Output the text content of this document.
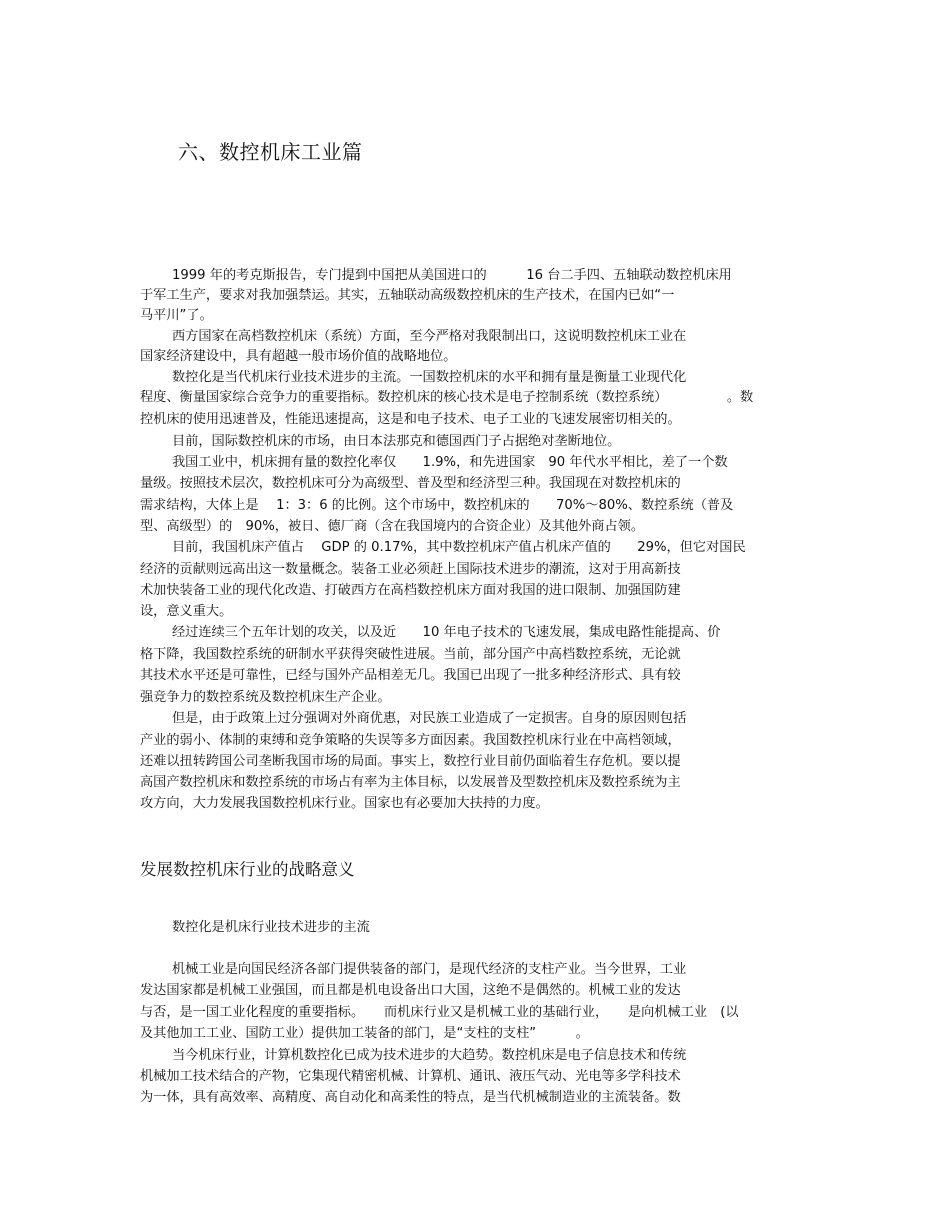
六、数控机床工业篇
1999 年的考克斯报告，专门提到中国把从美国进口的　　　16 台二手四、五轴联动数控机床用
于军工生产，要求对我加强禁运。其实，五轴联动高级数控机床的生产技术，在国内已如“一
马平川”了。
西方国家在高档数控机床（系统）方面，至今严格对我限制出口，这说明数控机床工业在
国家经济建设中，具有超越一般市场价值的战略地位。
数控化是当代机床行业技术进步的主流。一国数控机床的水平和拥有量是衡量工业现代化
程度、衡量国家综合竞争力的重要指标。数控机床的核心技术是电子控制系统（数控系统）　　　　　。数
控机床的使用迅速普及，性能迅速提高，这是和电子技术、电子工业的飞速发展密切相关的。
目前，国际数控机床的市场，由日本法那克和德国西门子占据绝对垄断地位。
我国工业中，机床拥有量的数控化率仅　　1.9%，和先进国家　90 年代水平相比，差了一个数
量级。按照技术层次，数控机床可分为高级型、普及型和经济型三种。我国现在对数控机床的
需求结构，大体上是　 1：3：6 的比例。这个市场中，数控机床的　　70%～80%、数控系统（普及
型、高级型）的　90%，被日、德厂商（含在我国境内的合资企业）及其他外商占领。
目前，我国机床产值占　 GDP 的 0.17%，其中数控机床产值占机床产值的　　29%，但它对国民
经济的贡献则远高出这一数量概念。装备工业必须赶上国际技术进步的潮流，这对于用高新技
术加快装备工业的现代化改造、打破西方在高档数控机床方面对我国的进口限制、加强国防建
设，意义重大。
经过连续三个五年计划的攻关，以及近　　10 年电子技术的飞速发展，集成电路性能提高、价
格下降，我国数控系统的研制水平获得突破性进展。当前，部分国产中高档数控系统，无论就
其技术水平还是可靠性，已经与国外产品相差无几。我国已出现了一批多种经济形式、具有较
强竞争力的数控系统及数控机床生产企业。
但是，由于政策上过分强调对外商优惠，对民族工业造成了一定损害。自身的原因则包括
产业的弱小、体制的束缚和竞争策略的失误等多方面因素。我国数控机床行业在中高档领域，
还难以扭转跨国公司垄断我国市场的局面。事实上，数控行业目前仍面临着生存危机。要以提
高国产数控机床和数控系统的市场占有率为主体目标，以发展普及型数控机床及数控系统为主
攻方向，大力发展我国数控机床行业。国家也有必要加大扶持的力度。
发展数控机床行业的战略意义
数控化是机床行业技术进步的主流
机械工业是向国民经济各部门提供装备的部门，是现代经济的支柱产业。当今世界，工业
发达国家都是机械工业强国，而且都是机电设备出口大国，这绝不是偶然的。机械工业的发达
与否，是一国工业化程度的重要指标。　　而机床行业又是机械工业的基础行业，　　是向机械工业　(以
及其他加工工业、国防工业）提供加工装备的部门，是“支柱的支柱”　　　。
当今机床行业，计算机数控化已成为技术进步的大趋势。数控机床是电子信息技术和传统
机械加工技术结合的产物，它集现代精密机械、计算机、通讯、液压气动、光电等多学科技术
为一体，具有高效率、高精度、高自动化和高柔性的特点，是当代机械制造业的主流装备。数
